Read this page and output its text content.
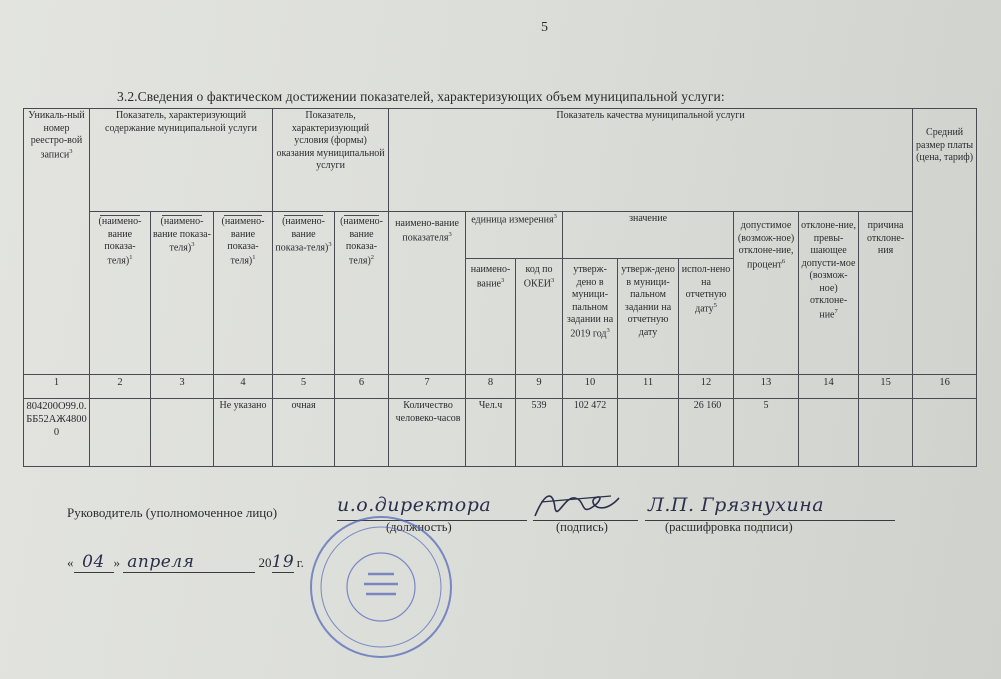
5
3.2.Сведения о фактическом достижении показателей, характеризующих объем муниципальной услуги:
Уникаль-ный номер реестро-вой записи$^3$	Показатель, характеризующий содержание муниципальной услуги			Показатель, характеризующий условия (формы) оказания муниципальной услуги		Показатель качества муниципальной услуги									Средний размер платы (цена, тариф)

(наимено-вание показа-теля)$^1$	(наимено-вание показа-теля)$^3$	(наимено-вание показа-теля)$^1$	(наимено-вание показа-теля)$^3$	(наимено-вание показа-теля)$^2$	наимено-вание показателя$^3$	единица измерения$^3$		значение			допустимое (возмож-ное) отклоне-ние, процент$^6$	отклоне-ние, превы-шающее допусти-мое (возмож-ное) отклоне-ние$^7$	причина отклоне-ния	
							наимено-вание$^3$	код по ОКЕИ$^3$	утверж-дено в муници-пальном задании на 2019 год$^3$	утверж-дено в муници-пальном задании на отчетную дату	испол-нено на отчетную дату$^5$
1	2	3	4	5	6	7	8	9	10	11	12	13	14	15	16
804200О99.0.ББ52АЖ48000			Не указано	очная		Количество человеко-часов	Чел.ч	539	102 472		26 160	5			
Руководитель (уполномоченное лицо)	и.о.директора
(должность)	(подпись)
Л.П. Грязнухина
(расшифровка подписи)
« 04 » апреля	2019 г.
